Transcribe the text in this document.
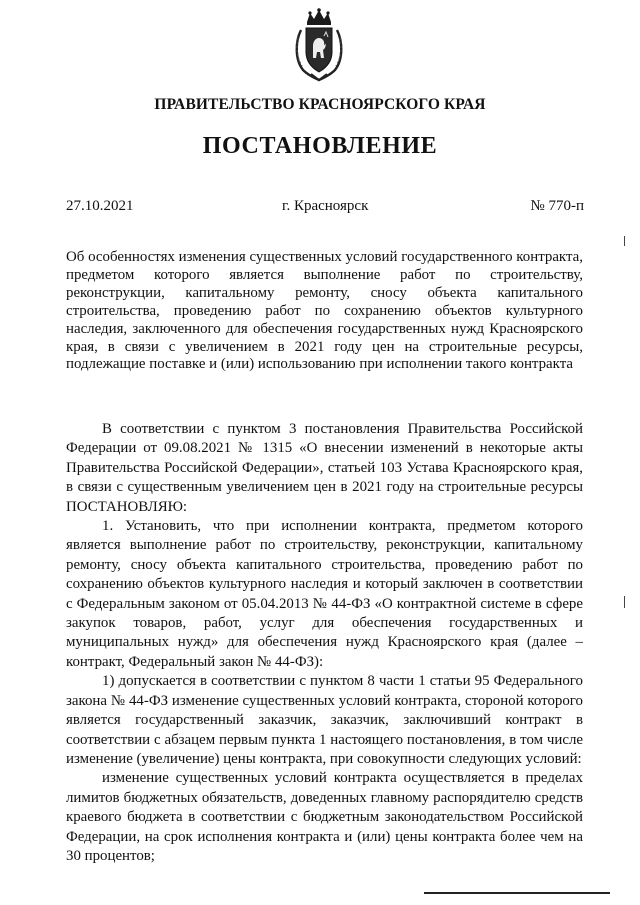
ПРАВИТЕЛЬСТВО КРАСНОЯРСКОГО КРАЯ
ПОСТАНОВЛЕНИЕ
27.10.2021	г. Красноярск	№ 770-п
Об особенностях изменения существенных условий государственного контракта, предметом которого является выполнение работ по строительству, реконструкции, капитальному ремонту, сносу объекта капитального строительства, проведению работ по сохранению объектов культурного наследия, заключенного для обеспечения государственных нужд Красноярского края, в связи с увеличением в 2021 году цен на строительные ресурсы, подлежащие поставке и (или) использованию при исполнении такого контракта

В соответствии с пунктом 3 постановления Правительства Российской Федерации от 09.08.2021 № 1315 «О внесении изменений в некоторые акты Правительства Российской Федерации», статьей 103 Устава Красноярского края, в связи с существенным увеличением цен в 2021 году на строительные ресурсы ПОСТАНОВЛЯЮ:

1. Установить, что при исполнении контракта, предметом которого является выполнение работ по строительству, реконструкции, капитальному ремонту, сносу объекта капитального строительства, проведению работ по сохранению объектов культурного наследия и который заключен в соответствии с Федеральным законом от 05.04.2013 № 44-ФЗ «О контрактной системе в сфере закупок товаров, работ, услуг для обеспечения государственных и муниципальных нужд» для обеспечения нужд Красноярского края (далее – контракт, Федеральный закон № 44-ФЗ):

1) допускается в соответствии с пунктом 8 части 1 статьи 95 Федерального закона № 44-ФЗ изменение существенных условий контракта, стороной которого является государственный заказчик, заказчик, заключивший контракт в соответствии с абзацем первым пункта 1 настоящего постановления, в том числе изменение (увеличение) цены контракта, при совокупности следующих условий:

изменение существенных условий контракта осуществляется в пределах лимитов бюджетных обязательств, доведенных главному распорядителю средств краевого бюджета в соответствии с бюджетным законодательством Российской Федерации, на срок исполнения контракта и (или) цены контракта более чем на 30 процентов;
